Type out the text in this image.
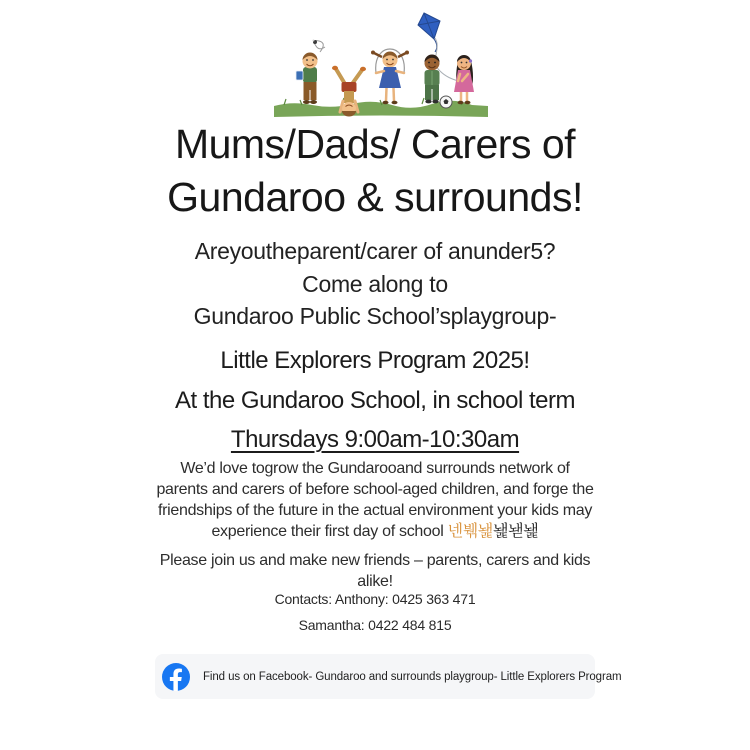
Mums/Dads/ Carers of
Gundaroo & surrounds!
Areyoutheparent/carer of anunder5?
Come along to
Gundaroo Public School’splaygroup-
Little Explorers Program 2025!
At the Gundaroo School, in school term
Thursdays 9:00am-10:30am
We’d love togrow the Gundarooand surrounds network of
parents and carers of before school-aged children, and forge the
friendships of the future in the actual environment your kids may
experience their first day of school 넨붺놽놽놷놽
Please join us and make new friends – parents, carers and kids
alike!
Contacts: Anthony: 0425 363 471
Samantha: 0422 484 815
Find us on Facebook- Gundaroo and surrounds playgroup- Little Explorers Program
